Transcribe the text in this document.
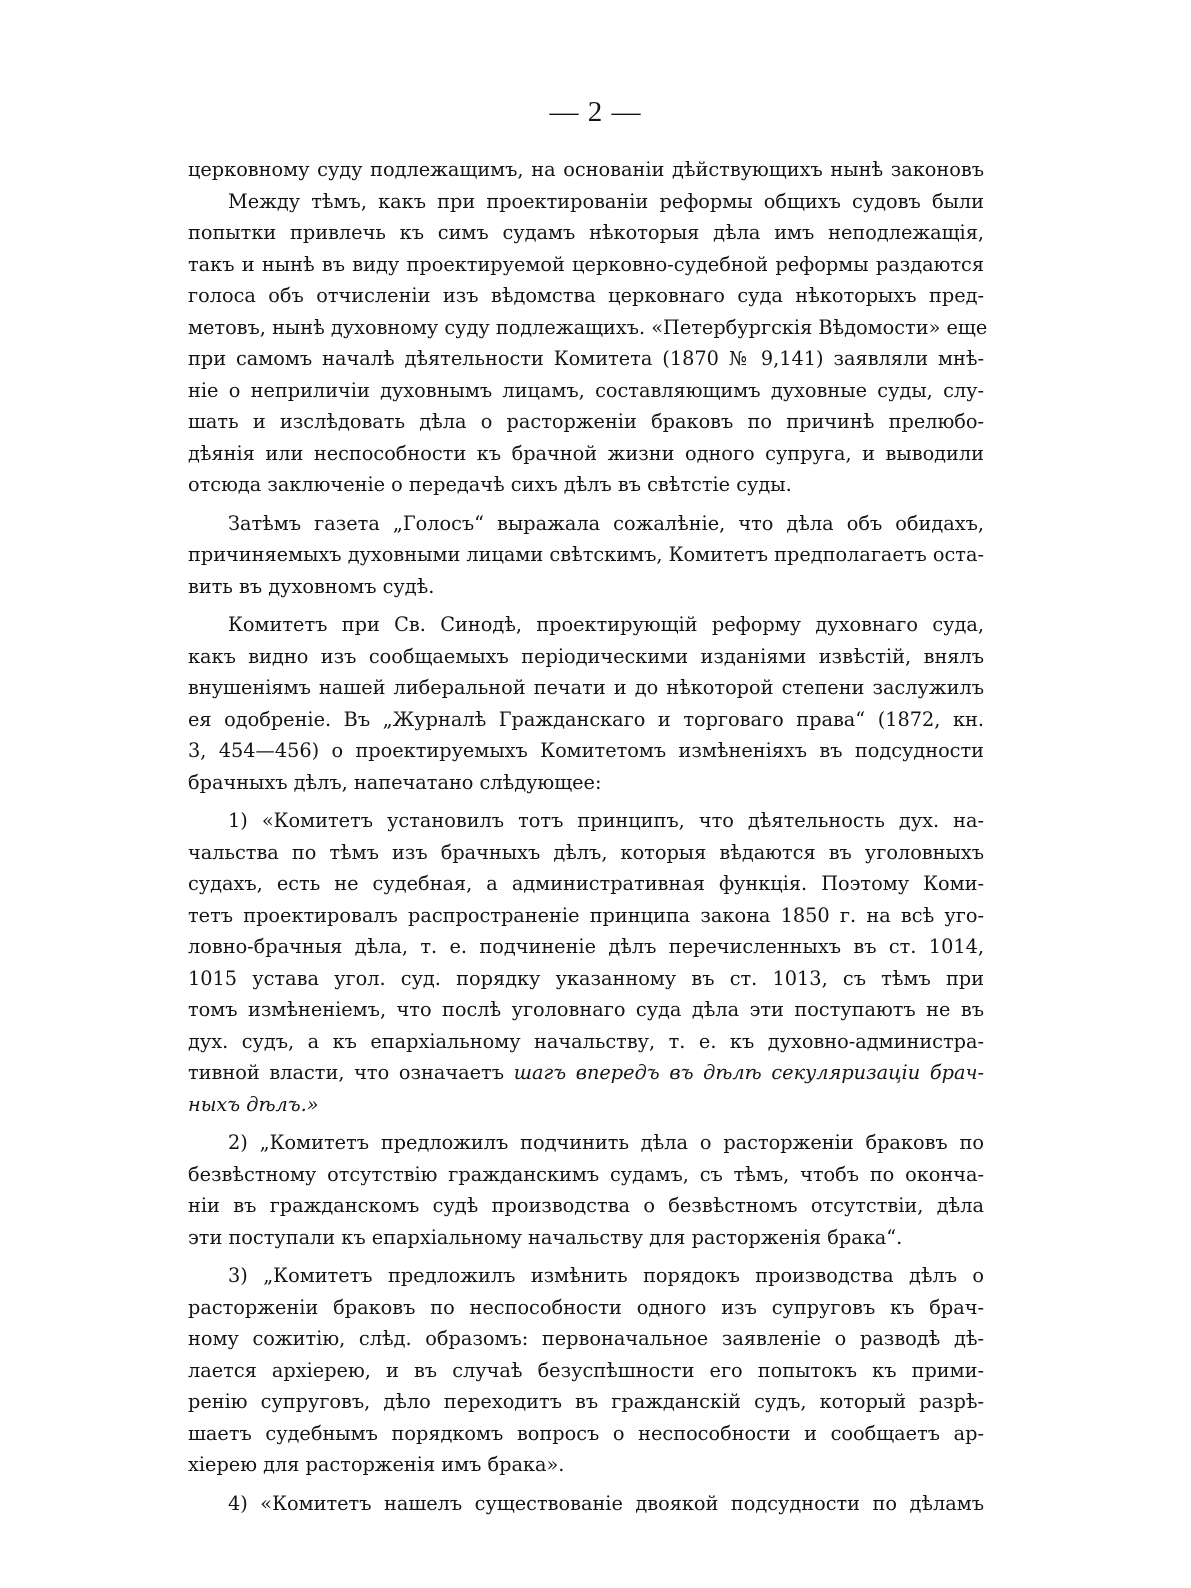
— 2 —
церковному суду подлежащимъ, на основаніи дѣйствующихъ нынѣ законовъ
Между тѣмъ, какъ при проектированіи реформы общихъ судовъ были
попытки привлечь къ симъ судамъ нѣкоторыя дѣла имъ неподлежащія,
такъ и нынѣ въ виду проектируемой церковно-судебной реформы раздаются
голоса объ отчисленіи изъ вѣдомства церковнаго суда нѣкоторыхъ пред-
метовъ, нынѣ духовному суду подлежащихъ. «Петербургскія Вѣдомости» еще
при самомъ началѣ дѣятельности Комитета (1870 № 9,141) заявляли мнѣ-
ніе о неприличіи духовнымъ лицамъ, составляющимъ духовные суды, слу-
шать и изслѣдовать дѣла о расторженіи браковъ по причинѣ прелюбо-
дѣянія или неспособности къ брачной жизни одного супруга, и выводили
отсюда заключеніе о передачѣ сихъ дѣлъ въ свѣтстіе суды.
Затѣмъ газета „Голосъ“ выражала сожалѣніе, что дѣла объ обидахъ,
причиняемыхъ духовными лицами свѣтскимъ, Комитетъ предполагаетъ оста-
вить въ духовномъ судѣ.
Комитетъ при Св. Синодѣ, проектирующій реформу духовнаго суда,
какъ видно изъ сообщаемыхъ періодическими изданіями извѣстій, внялъ
внушеніямъ нашей либеральной печати и до нѣкоторой степени заслужилъ
ея одобреніе. Въ „Журналѣ Гражданскаго и торговаго права“ (1872, кн.
3, 454—456) о проектируемыхъ Комитетомъ измѣненіяхъ въ подсудности
брачныхъ дѣлъ, напечатано слѣдующее:
1) «Комитетъ установилъ тотъ принципъ, что дѣятельность дух. на-
чальства по тѣмъ изъ брачныхъ дѣлъ, которыя вѣдаются въ уголовныхъ
судахъ, есть не судебная, а административная функція. Поэтому Коми-
тетъ проектировалъ распространеніе принципа закона 1850 г. на всѣ уго-
ловно-брачныя дѣла, т. е. подчиненіе дѣлъ перечисленныхъ въ ст. 1014,
1015 устава угол. суд. порядку указанному въ ст. 1013, съ тѣмъ при
томъ измѣненіемъ, что послѣ уголовнаго суда дѣла эти поступаютъ не въ
дух. судъ, а къ епархіальному начальству, т. е. къ духовно-администра-
тивной власти, что означаетъ шагъ впередъ въ дѣлѣ секуляризаціи брач-
ныхъ дѣлъ.»
2) „Комитетъ предложилъ подчинить дѣла о расторженіи браковъ по
безвѣстному отсутствію гражданскимъ судамъ, съ тѣмъ, чтобъ по оконча-
ніи въ гражданскомъ судѣ производства о безвѣстномъ отсутствіи, дѣла
эти поступали къ епархіальному начальству для расторженія брака“.
3) „Комитетъ предложилъ измѣнить порядокъ производства дѣлъ о
расторженіи браковъ по неспособности одного изъ супруговъ къ брач-
ному сожитію, слѣд. образомъ: первоначальное заявленіе о разводѣ дѣ-
лается архіерею, и въ случаѣ безуспѣшности его попытокъ къ прими-
ренію супруговъ, дѣло переходитъ въ гражданскій судъ, который разрѣ-
шаетъ судебнымъ порядкомъ вопросъ о неспособности и сообщаетъ ар-
хіерею для расторженія имъ брака».
4) «Комитетъ нашелъ существованіе двоякой подсудности по дѣламъ
